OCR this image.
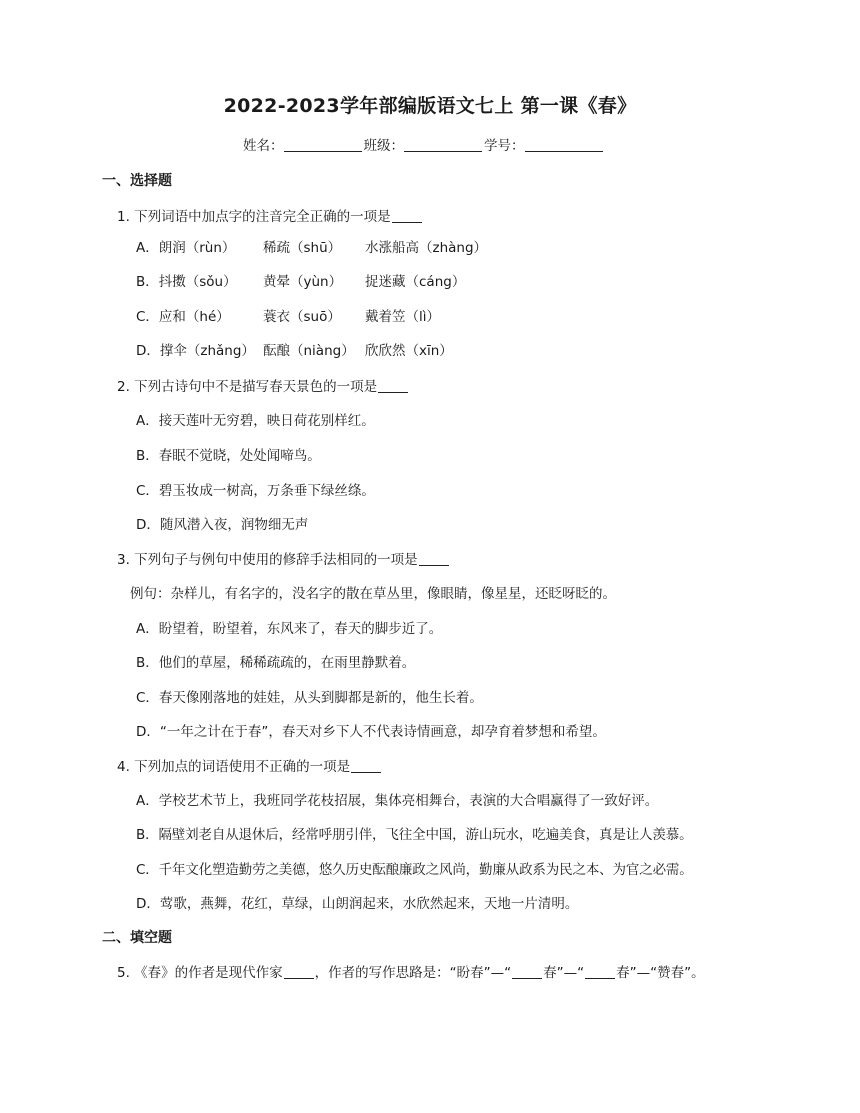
2022-2023学年部编版语文七上 第一课《春》
姓名：	班级：	学号：
一、选择题
1. 下列词语中加点字的注音完全正确的一项是
A．朗润（rùn） 稀疏（shū） 水涨船高（zhàng）
B．抖擞（sǒu） 黄晕（yùn） 捉迷藏（cáng）
C．应和（hé） 蓑衣（suō） 戴着笠（lì）
D．撑伞（zhǎng） 酝酿（niàng） 欣欣然（xīn）
2. 下列古诗句中不是描写春天景色的一项是
A．接天莲叶无穷碧，映日荷花别样红。
B．春眠不觉晓，处处闻啼鸟。
C．碧玉妆成一树高，万条垂下绿丝绦。
D．随风潜入夜，润物细无声
3. 下列句子与例句中使用的修辞手法相同的一项是
例句：杂样儿，有名字的，没名字的散在草丛里，像眼睛，像星星，还眨呀眨的。
A．盼望着，盼望着，东风来了，春天的脚步近了。
B．他们的草屋，稀稀疏疏的，在雨里静默着。
C．春天像刚落地的娃娃，从头到脚都是新的，他生长着。
D．“一年之计在于春”，春天对乡下人不代表诗情画意，却孕育着梦想和希望。
4. 下列加点的词语使用不正确的一项是
A．学校艺术节上，我班同学花枝招展，集体亮相舞台，表演的大合唱赢得了一致好评。
B．隔壁刘老自从退休后，经常呼朋引伴，飞往全中国，游山玩水，吃遍美食，真是让人羡慕。
C．千年文化塑造勤劳之美德，悠久历史酝酿廉政之风尚，勤廉从政系为民之本、为官之必需。
D．莺歌，燕舞，花红，草绿，山朗润起来，水欣然起来，天地一片清明。
二、填空题
5. 《春》的作者是现代作家 ，作者的写作思路是：“盼春”—“ 春”—“ 春”—“赞春”。
